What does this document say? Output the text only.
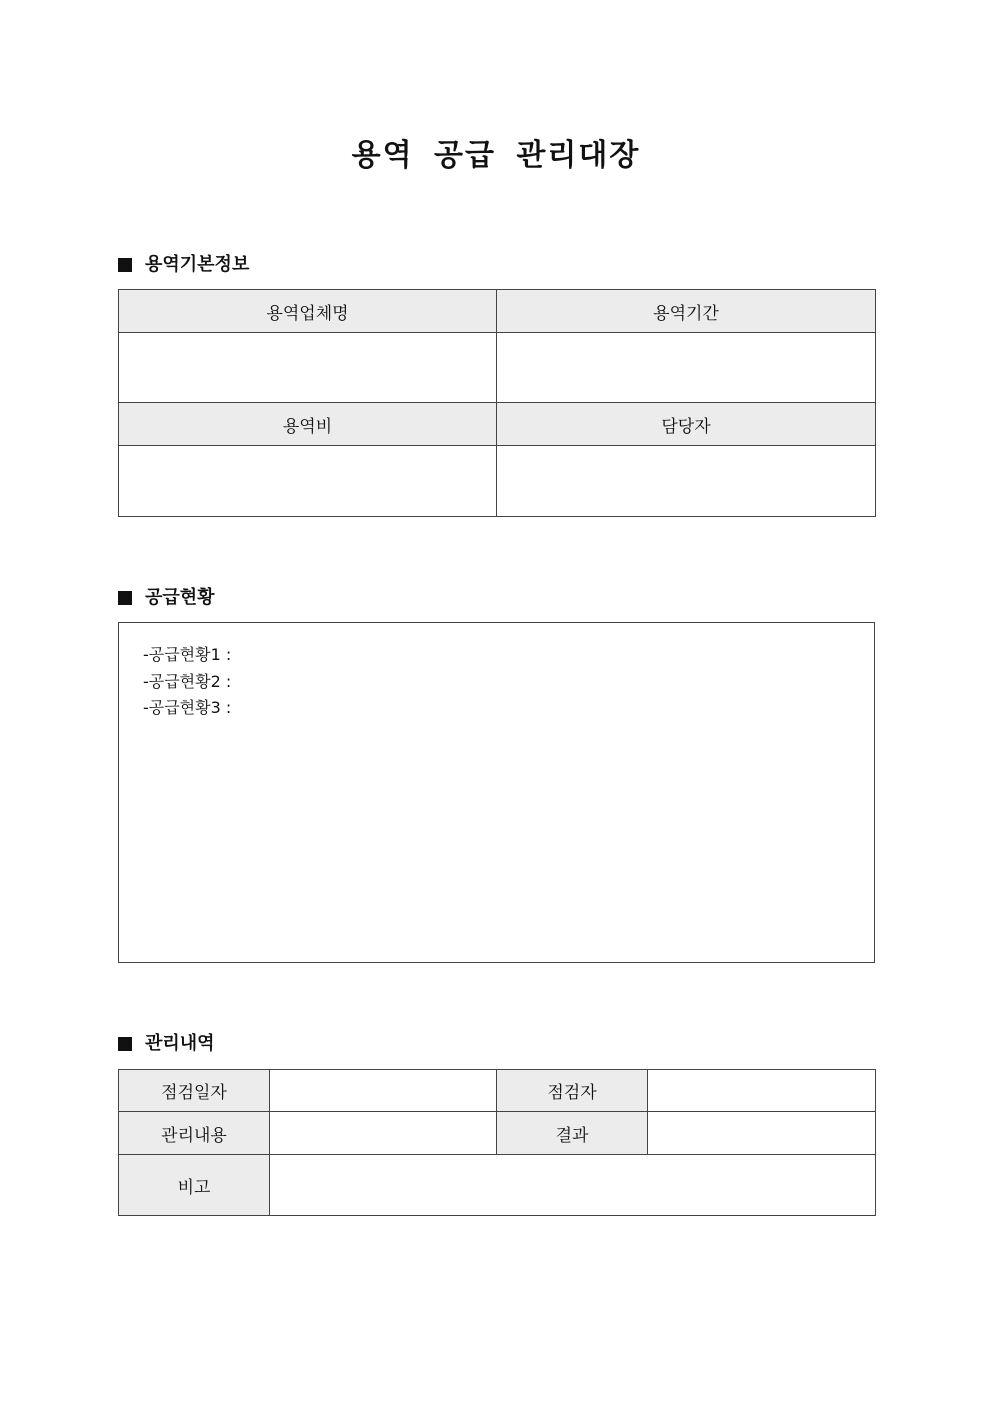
용역 공급 관리대장
용역기본정보
용역업체명	용역기간

용역비	담당자

공급현황
-공급현황1 :
-공급현황2 :
-공급현황3 :
관리내역
점검일자		점검자	
관리내용		결과	
비고			
